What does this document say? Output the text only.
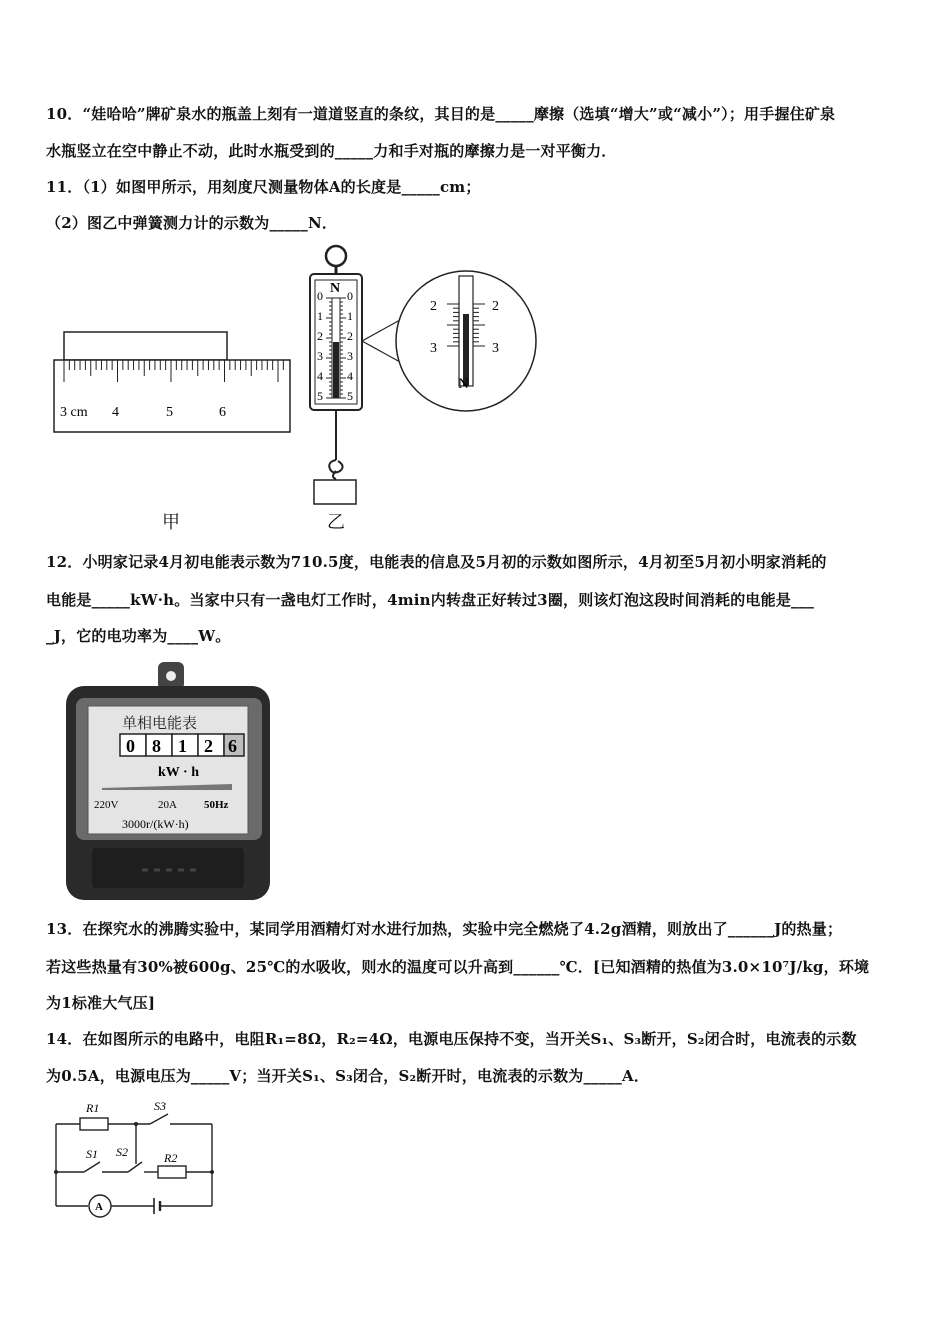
10．“娃哈哈”牌矿泉水的瓶盖上刻有一道道竖直的条纹，其目的是_____摩擦（选填“增大”或“减小”）；用手握住矿泉
水瓶竖立在空中静止不动，此时水瓶受到的_____力和手对瓶的摩擦力是一对平衡力．
11．（1）如图甲所示，用刻度尺测量物体A的长度是_____cm；
（2）图乙中弹簧测力计的示数为_____N．
3 cm 4	5	6
甲
N
0
1
2
3
4
5
0
1
2
3
4
5
2	2
3	3
N
乙
12．小明家记录4月初电能表示数为710.5度，电能表的信息及5月初的示数如图所示，4月初至5月初小明家消耗的
电能是_____kW·h。当家中只有一盏电灯工作时，4min内转盘正好转过3圈，则该灯泡这段时间消耗的电能是___
_J，它的电功率为____W。
单相电能表
0 8 1 2 6
kW · h
220V	20A 50Hz
3000r/(kW·h)
13．在探究水的沸腾实验中，某同学用酒精灯对水进行加热，实验中完全燃烧了4.2g酒精，则放出了______J的热量；
若这些热量有30%被600g、25℃的水吸收，则水的温度可以升高到______℃．[已知酒精的热值为3.0×10⁷J/kg，环境
为1标准大气压]
14．在如图所示的电路中，电阻R₁=8Ω，R₂=4Ω，电源电压保持不变，当开关S₁、S₃断开，S₂闭合时，电流表的示数
为0.5A，电源电压为_____V；当开关S₁、S₃闭合，S₂断开时，电流表的示数为_____A．
R1	S3
S1 S2	R2
A
